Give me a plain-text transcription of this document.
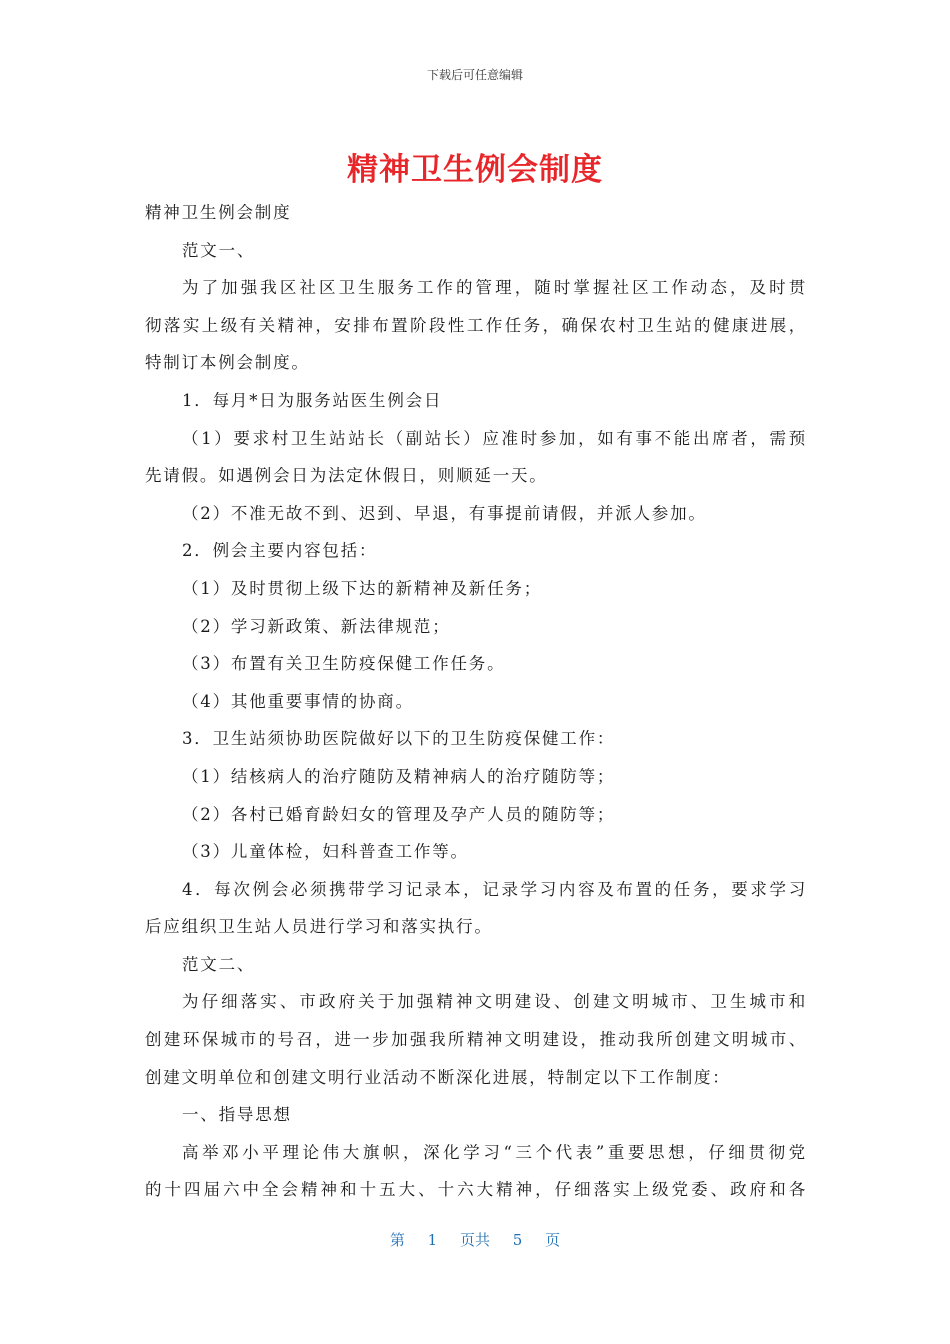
下载后可任意编辑
精神卫生例会制度

精神卫生例会制度

范文一、

为了加强我区社区卫生服务工作的管理，随时掌握社区工作动态，及时贯

彻落实上级有关精神，安排布置阶段性工作任务，确保农村卫生站的健康进展，

特制订本例会制度。

1．每月*日为服务站医生例会日

（1）要求村卫生站站长（副站长）应准时参加，如有事不能出席者，需预

先请假。如遇例会日为法定休假日，则顺延一天。

（2）不准无故不到、迟到、早退，有事提前请假，并派人参加。

2．例会主要内容包括：

（1）及时贯彻上级下达的新精神及新任务；

（2）学习新政策、新法律规范；

（3）布置有关卫生防疫保健工作任务。

（4）其他重要事情的协商。

3．卫生站须协助医院做好以下的卫生防疫保健工作：

（1）结核病人的治疗随防及精神病人的治疗随防等；

（2）各村已婚育龄妇女的管理及孕产人员的随防等；

（3）儿童体检，妇科普查工作等。

4．每次例会必须携带学习记录本，记录学习内容及布置的任务，要求学习

后应组织卫生站人员进行学习和落实执行。

范文二、

为仔细落实、市政府关于加强精神文明建设、创建文明城市、卫生城市和

创建环保城市的号召，进一步加强我所精神文明建设，推动我所创建文明城市、

创建文明单位和创建文明行业活动不断深化进展，特制定以下工作制度：

一、指导思想

高举邓小平理论伟大旗帜，深化学习“三个代表”重要思想，仔细贯彻党

的十四届六中全会精神和十五大、十六大精神，仔细落实上级党委、政府和各

第 1 页共 5 页
